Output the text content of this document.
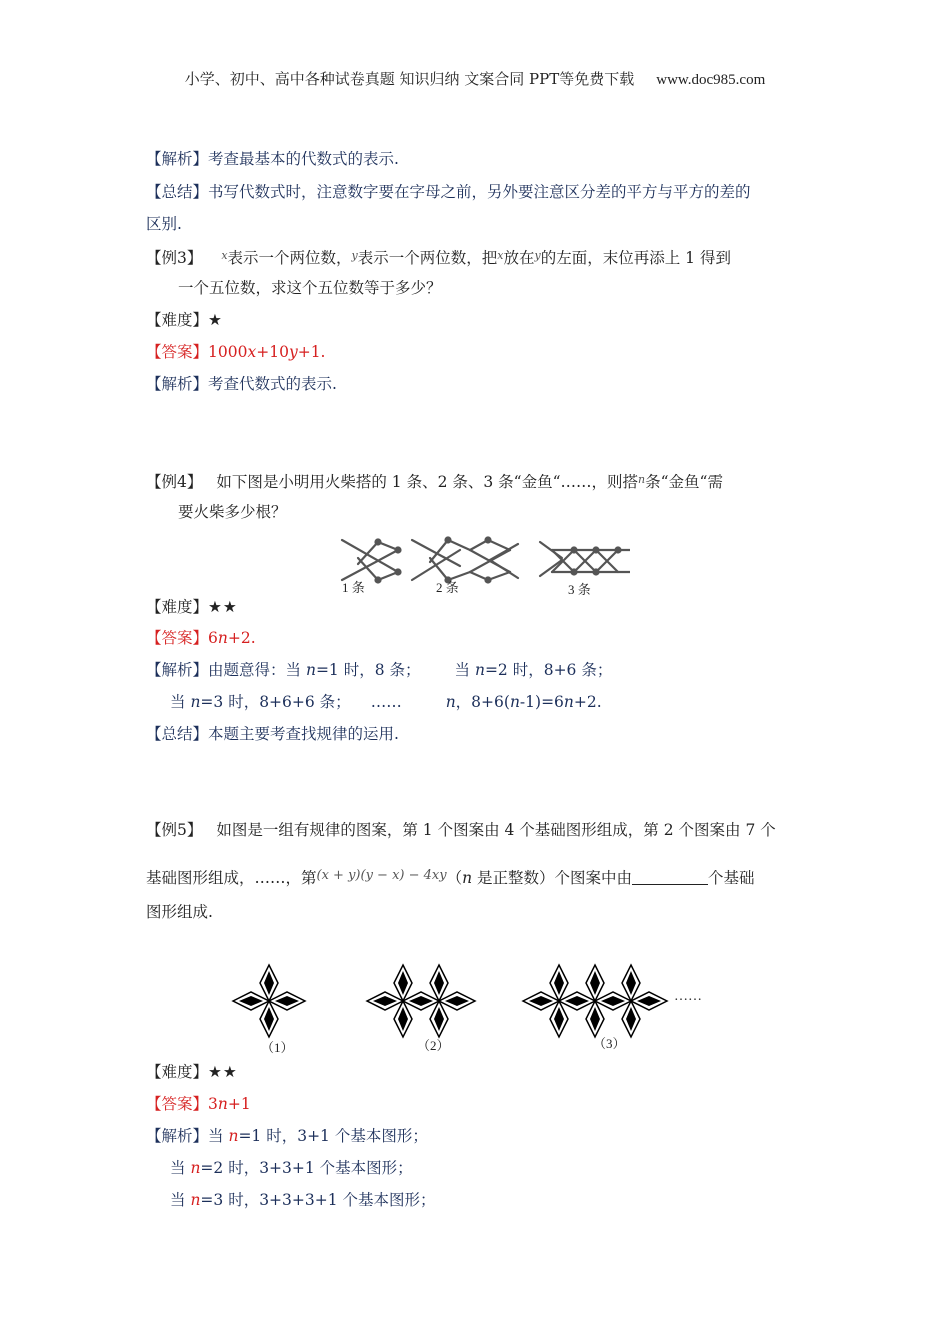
小学、初中、高中各种试卷真题 知识归纳 文案合同 PPT等免费下载 www.doc985.com
【解析】考查最基本的代数式的表示.
【总结】书写代数式时，注意数字要在字母之前，另外要注意区分差的平方与平方的差的
区别.
【例3】 $^x$表示一个两位数，$^y$表示一个两位数，把$^x$放在$^y$的左面，末位再添上 1 得到
一个五位数，求这个五位数等于多少？
【难度】★
【答案】1000x+10y+1.
【解析】考查代数式的表示.
【例4】 如下图是小明用火柴搭的 1 条、2 条、3 条“金鱼“……，则搭$^n$条“金鱼“需
要火柴多少根？
1 条	2 条	3 条
【难度】★★
【答案】6n+2.
【解析】由题意得：当 n=1 时，8 条； 当 n=2 时，8+6 条；
当 n=3 时，8+6+6 条； ……	n，8+6(n-1)=6n+2.
【总结】本题主要考查找规律的运用.
【例5】 如图是一组有规律的图案，第 1 个图案由 4 个基础图形组成，第 2 个图案由 7 个
基础图形组成，……，第$^{(x + y)(y - x) - 4xy}$（n 是正整数）个图案中由	个基础
图形组成.
……
（1）	（2）	（3）
【难度】★★
【答案】3n+1
【解析】当 n=1 时，3+1 个基本图形；
当 n=2 时，3+3+1 个基本图形；
当 n=3 时，3+3+3+1 个基本图形；
